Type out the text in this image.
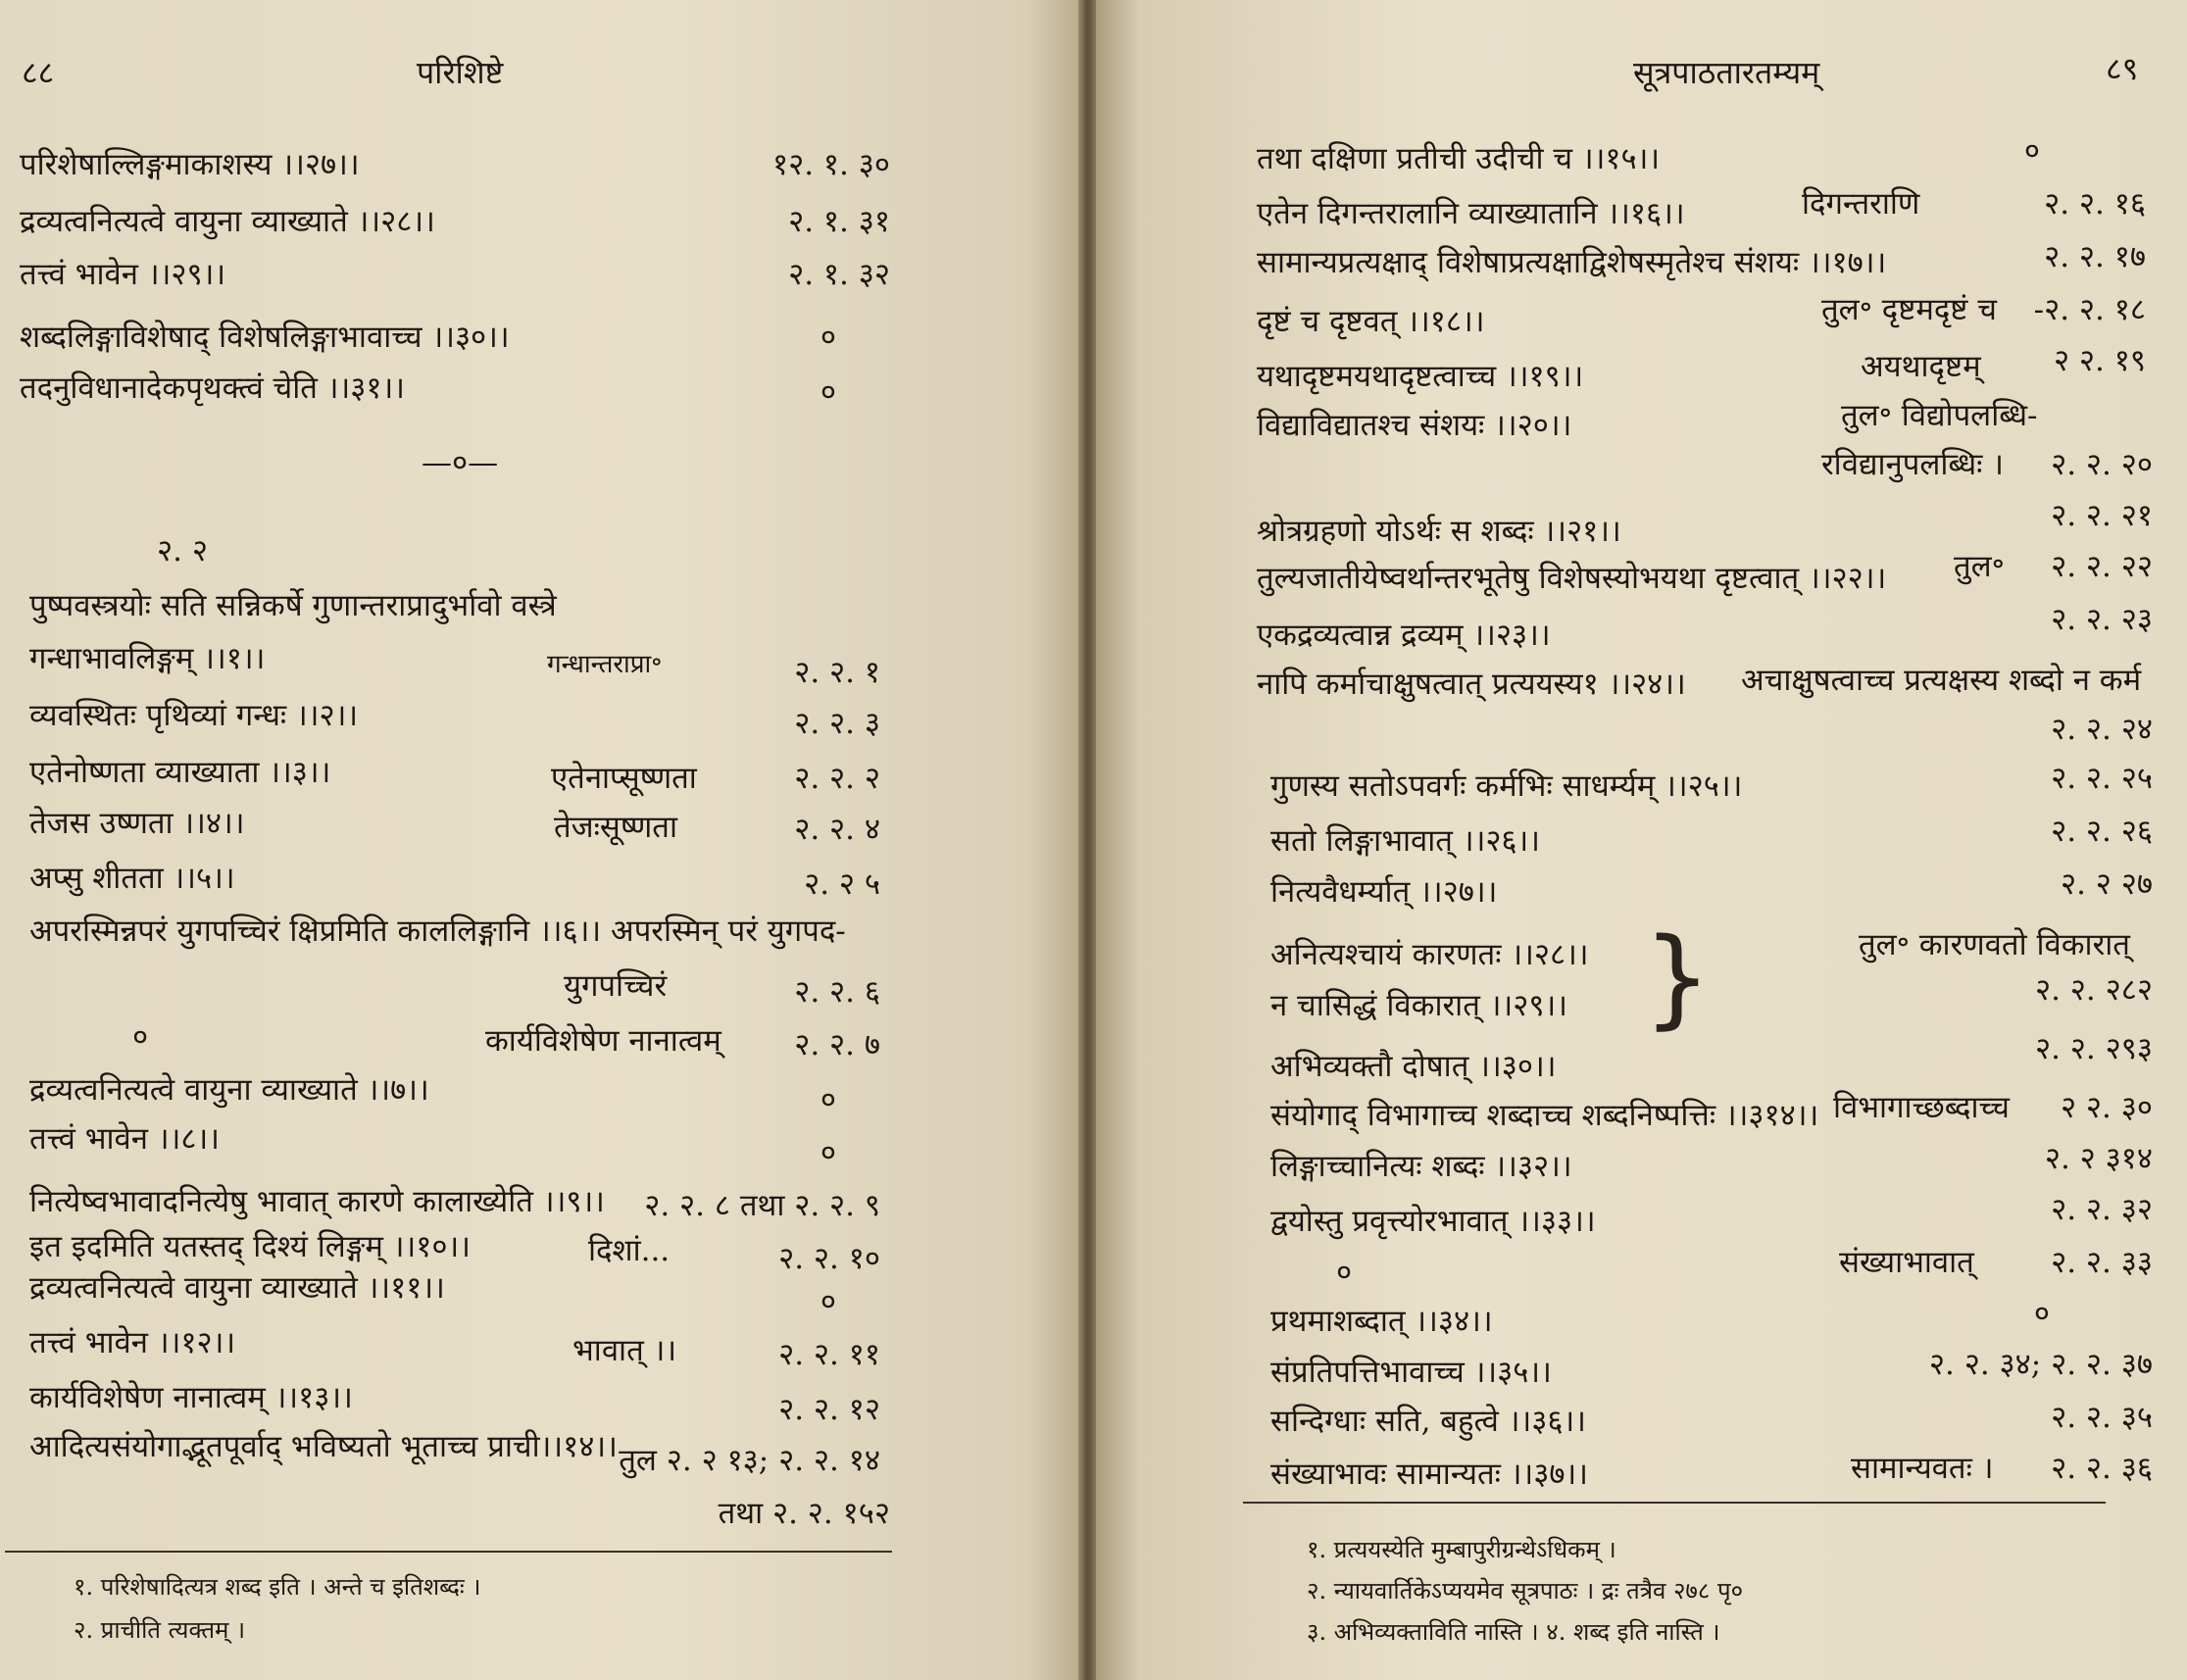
८८	परिशिष्टे
परिशेषाल्लिङ्गमाकाशस्य ।।२७।।
द्रव्यत्वनित्यत्वे वायुना व्याख्याते ।।२८।।
तत्त्वं भावेन ।।२९।।
शब्दलिङ्गाविशेषाद् विशेषलिङ्गाभावाच्च ।।३०।।
तदनुविधानादेकपृथक्त्वं चेति ।।३१।।
१२. १. ३०
२. १. ३१
२. १. ३२
०
०
—०—
२. २
पुष्पवस्त्रयोः सति सन्निकर्षे गुणान्तराप्रादुर्भावो वस्त्रे
गन्धाभावलिङ्गम् ।।१।।
व्यवस्थितः पृथिव्यां गन्धः ।।२।।
एतेनोष्णता व्याख्याता ।।३।।
तेजस उष्णता ।।४।।
अप्सु शीतता ।।५।।
अपरस्मिन्नपरं युगपच्चिरं क्षिप्रमिति काललिङ्गानि ।।६।। अपरस्मिन् परं युगपद-
गन्धान्तराप्रा॰
एतेनाप्सूष्णता
तेजःसूष्णता
युगपच्चिरं
कार्यविशेषेण नानात्वम्
दिशां...
भावात् ।।
२. २. १
२. २. ३
२. २. २
२. २. ४
२. २ ५
२. २. ६
२. २. ७
०
द्रव्यत्वनित्यत्वे वायुना व्याख्याते ।।७।।
तत्त्वं भावेन ।।८।।
नित्येष्वभावादनित्येषु भावात् कारणे कालाख्येति ।।९।।
इत इदमिति यतस्तद् दिश्यं लिङ्गम् ।।१०।।
द्रव्यत्वनित्यत्वे वायुना व्याख्याते ।।११।।
तत्त्वं भावेन ।।१२।।
कार्यविशेषेण नानात्वम् ।।१३।।
आदित्यसंयोगाद्भूतपूर्वाद् भविष्यतो भूताच्च प्राची।।१४।।
०
०
२. २. ८ तथा २. २. ९
२. २. १०
०
२. २. ११
२. २. १२
तुल २. २ १३; २. २. १४
तथा २. २. १५२
१. परिशेषादित्यत्र शब्द इति । अन्ते च इतिशब्दः ।
२. प्राचीति त्यक्तम् ।
सूत्रपाठतारतम्यम्	८९
तथा दक्षिणा प्रतीची उदीची च ।।१५।।
एतेन दिगन्तरालानि व्याख्यातानि ।।१६।।
सामान्यप्रत्यक्षाद् विशेषाप्रत्यक्षाद्विशेषस्मृतेश्च संशयः ।।१७।।
दृष्टं च दृष्टवत् ।।१८।।
यथादृष्टमयथादृष्टत्वाच्च ।।१९।।
विद्याविद्यातश्च संशयः ।।२०।।
श्रोत्रग्रहणो योऽर्थः स शब्दः ।।२१।।
तुल्यजातीयेष्वर्थान्तरभूतेषु विशेषस्योभयथा दृष्टत्वात् ।।२२।।
एकद्रव्यत्वान्न द्रव्यम् ।।२३।।
नापि कर्माचाक्षुषत्वात् प्रत्ययस्य१ ।।२४।।
गुणस्य सतोऽपवर्गः कर्मभिः साधर्म्यम् ।।२५।।
सतो लिङ्गाभावात् ।।२६।।
नित्यवैधर्म्यात् ।।२७।।
अनित्यश्चायं कारणतः ।।२८।।
न चासिद्धं विकारात् ।।२९।।
अभिव्यक्तौ दोषात् ।।३०।।
संयोगाद् विभागाच्च शब्दाच्च शब्दनिष्पत्तिः ।।३१४।।
लिङ्गाच्चानित्यः शब्दः ।।३२।।
द्वयोस्तु प्रवृत्त्योरभावात् ।।३३।।
प्रथमाशब्दात् ।।३४।।
संप्रतिपत्तिभावाच्च ।।३५।।
सन्दिग्धाः सति, बहुत्वे ।।३६।।
संख्याभावः सामान्यतः ।।३७।।
०
}
दिगन्तराणि
तुल॰ दृष्टमदृष्टं च
अयथादृष्टम्
तुल॰ विद्योपलब्धि-
रविद्यानुपलब्धिः ।
तुल॰
अचाक्षुषत्वाच्च प्रत्यक्षस्य शब्दो न कर्म
तुल॰ कारणवतो विकारात्
विभागाच्छब्दाच्च
संख्याभावात्
सामान्यवतः ।
०
२. २. १६
२. २. १७
-२. २. १८
२ २. १९
२. २. २०
२. २. २१
२. २. २२
२. २. २३
२. २. २४
२. २. २५
२. २. २६
२. २ २७
२. २. २८२
२. २. २९३
२ २. ३०
२. २ ३१४
२. २. ३२
२. २. ३३
०
२. २. ३४; २. २. ३७
२. २. ३५
२. २. ३६
१. प्रत्ययस्येति मुम्बापुरीग्रन्थेऽधिकम् ।
२. न्यायवार्तिकेऽप्ययमेव सूत्रपाठः । द्रः तत्रैव २७८ पृ०
३. अभिव्यक्ताविति नास्ति । ४. शब्द इति नास्ति ।
